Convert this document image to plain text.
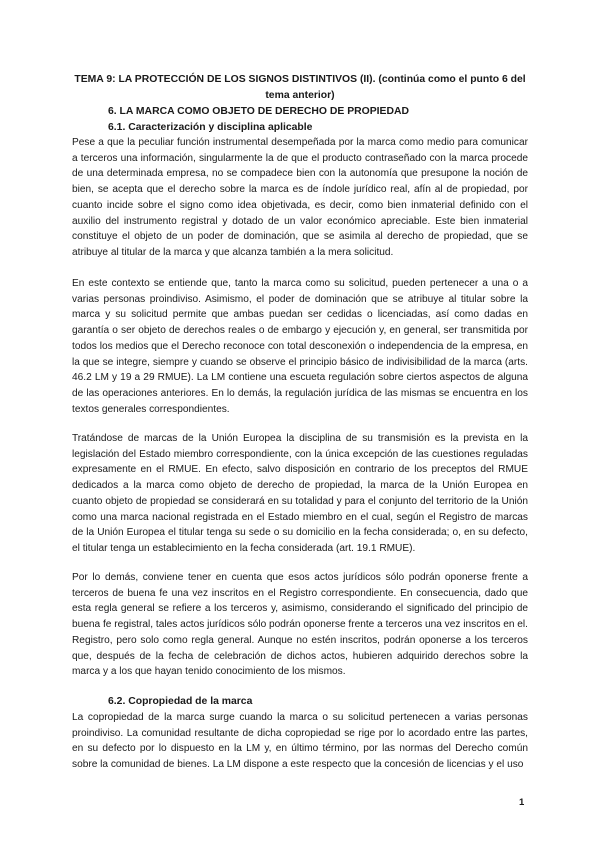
TEMA 9: LA PROTECCIÓN DE LOS SIGNOS DISTINTIVOS (II). (continúa como el punto 6 del tema anterior)
6. LA MARCA COMO OBJETO DE DERECHO DE PROPIEDAD
6.1. Caracterización y disciplina aplicable
Pese a que la peculiar función instrumental desempeñada por la marca como medio para comunicar a terceros una información, singularmente la de que el producto contraseñado con la marca procede de una determinada empresa, no se compadece bien con la autonomía que presupone la noción de bien, se acepta que el derecho sobre la marca es de índole jurídico real, afín al de propiedad, por cuanto incide sobre el signo como idea objetivada, es decir, como bien inmaterial definido con el auxilio del instrumento registral y dotado de un valor económico apreciable. Este bien inmaterial constituye el objeto de un poder de dominación, que se asimila al derecho de propiedad, que se atribuye al titular de la marca y que alcanza también a la mera solicitud.
En este contexto se entiende que, tanto la marca como su solicitud, pueden pertenecer a una o a varias personas proindiviso. Asimismo, el poder de dominación que se atribuye al titular sobre la marca y su solicitud permite que ambas puedan ser cedidas o licenciadas, así como dadas en garantía o ser objeto de derechos reales o de embargo y ejecución y, en general, ser transmitida por todos los medios que el Derecho reconoce con total desconexión o independencia de la empresa, en la que se integre, siempre y cuando se observe el principio básico de indivisibilidad de la marca (arts. 46.2 LM y 19 a 29 RMUE). La LM contiene una escueta regulación sobre ciertos aspectos de alguna de las operaciones anteriores. En lo demás, la regulación jurídica de las mismas se encuentra en los textos generales correspondientes.
Tratándose de marcas de la Unión Europea la disciplina de su transmisión es la prevista en la legislación del Estado miembro correspondiente, con la única excepción de las cuestiones reguladas expresamente en el RMUE. En efecto, salvo disposición en contrario de los preceptos del RMUE dedicados a la marca como objeto de derecho de propiedad, la marca de la Unión Europea en cuanto objeto de propiedad se considerará en su totalidad y para el conjunto del territorio de la Unión como una marca nacional registrada en el Estado miembro en el cual, según el Registro de marcas de la Unión Europea el titular tenga su sede o su domicilio en la fecha considerada; o, en su defecto, el titular tenga un establecimiento en la fecha considerada (art. 19.1 RMUE).
Por lo demás, conviene tener en cuenta que esos actos jurídicos sólo podrán oponerse frente a terceros de buena fe una vez inscritos en el Registro correspondiente. En consecuencia, dado que esta regla general se refiere a los terceros y, asimismo, considerando el significado del principio de buena fe registral, tales actos jurídicos sólo podrán oponerse frente a terceros una vez inscritos en el. Registro, pero solo como regla general. Aunque no estén inscritos, podrán oponerse a los terceros que, después de la fecha de celebración de dichos actos, hubieren adquirido derechos sobre la marca y a los que hayan tenido conocimiento de los mismos.
6.2. Copropiedad de la marca
La copropiedad de la marca surge cuando la marca o su solicitud pertenecen a varias personas proindiviso. La comunidad resultante de dicha copropiedad se rige por lo acordado entre las partes, en su defecto por lo dispuesto en la LM y, en último término, por las normas del Derecho común sobre la comunidad de bienes. La LM dispone a este respecto que la concesión de licencias y el uso
1
